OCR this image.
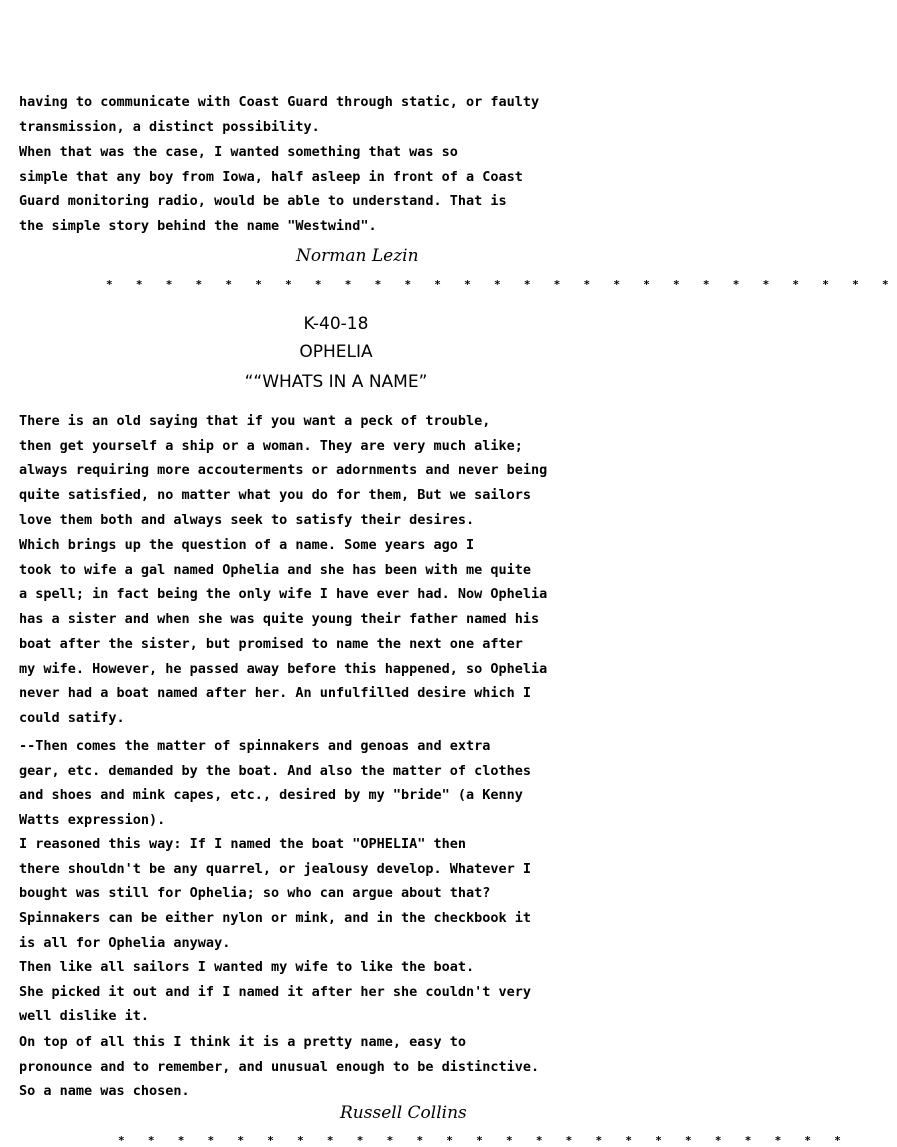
having to communicate with Coast Guard through static, or faulty
transmission, a distinct possibility.

When that was the case, I wanted something that was so
simple that any boy from Iowa, half asleep in front of a Coast
Guard monitoring radio, would be able to understand. That is
the simple story behind the name "Westwind".

Norman Lezin
* * * * * * * * * * * * * * * * * * * * * * * * * * *
K-40-18
OPHELIA
““WHATS IN A NAME”

There is an old saying that if you want a peck of trouble,
then get yourself a ship or a woman. They are very much alike;
always requiring more accouterments or adornments and never being
quite satisfied, no matter what you do for them, But we sailors
love them both and always seek to satisfy their desires.

Which brings up the question of a name. Some years ago I
took to wife a gal named Ophelia and she has been with me quite
a spell; in fact being the only wife I have ever had. Now Ophelia
has a sister and when she was quite young their father named his
boat after the sister, but promised to name the next one after
my wife. However, he passed away before this happened, so Ophelia
never had a boat named after her. An unfulfilled desire which I
could satify.

--Then comes the matter of spinnakers and genoas and extra
gear, etc. demanded by the boat. And also the matter of clothes
and shoes and mink capes, etc., desired by my "bride" (a Kenny
Watts expression).

I reasoned this way: If I named the boat "OPHELIA" then
there shouldn't be any quarrel, or jealousy develop. Whatever I
bought was still for Ophelia; so who can argue about that?
Spinnakers can be either nylon or mink, and in the checkbook it
is all for Ophelia anyway.

Then like all sailors I wanted my wife to like the boat.
She picked it out and if I named it after her she couldn't very
well dislike it.

On top of all this I think it is a pretty name, easy to
pronounce and to remember, and unusual enough to be distinctive.
So a name was chosen.

Russell Collins
* * * * * * * * * * * * * * * * * * * * * * * * *
